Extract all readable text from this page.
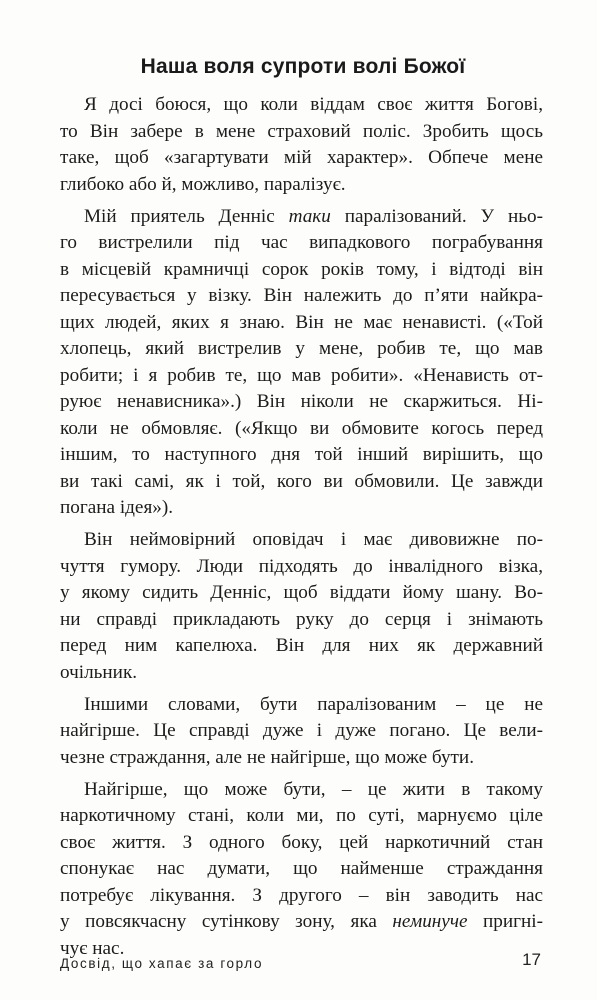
Наша воля супроти волі Божої
Я досі боюся, що коли віддам своє життя Богові,
то Він забере в мене страховий поліс. Зробить щось
таке, щоб «загартувати мій характер». Обпече мене
глибоко або й, можливо, паралізує.
Мій приятель Денніс таки паралізований. У ньо-
го вистрелили під час випадкового пограбування
в місцевій крамничці сорок років тому, і відтоді він
пересувається у візку. Він належить до п’яти найкра-
щих людей, яких я знаю. Він не має ненависті. («Той
хлопець, який вистрелив у мене, робив те, що мав
робити; і я робив те, що мав робити». «Ненависть от-
руює ненависника».) Він ніколи не скаржиться. Ні-
коли не обмовляє. («Якщо ви обмовите когось перед
іншим, то наступного дня той інший вирішить, що
ви такі самі, як і той, кого ви обмовили. Це завжди
погана ідея»).
Він неймовірний оповідач і має дивовижне по-
чуття гумору. Люди підходять до інвалідного візка,
у якому сидить Денніс, щоб віддати йому шану. Во-
ни справді прикладають руку до серця і знімають
перед ним капелюха. Він для них як державний
очільник.
Іншими словами, бути паралізованим – це не
найгірше. Це справді дуже і дуже погано. Це вели-
чезне страждання, але не найгірше, що може бути.
Найгірше, що може бути, – це жити в такому
наркотичному стані, коли ми, по суті, марнуємо ціле
своє життя. З одного боку, цей наркотичний стан
спонукає нас думати, що найменше страждання
потребує лікування. З другого – він заводить нас
у повсякчасну сутінкову зону, яка неминуче пригні-
чує нас.
Досвід, що хапає за горло	17
